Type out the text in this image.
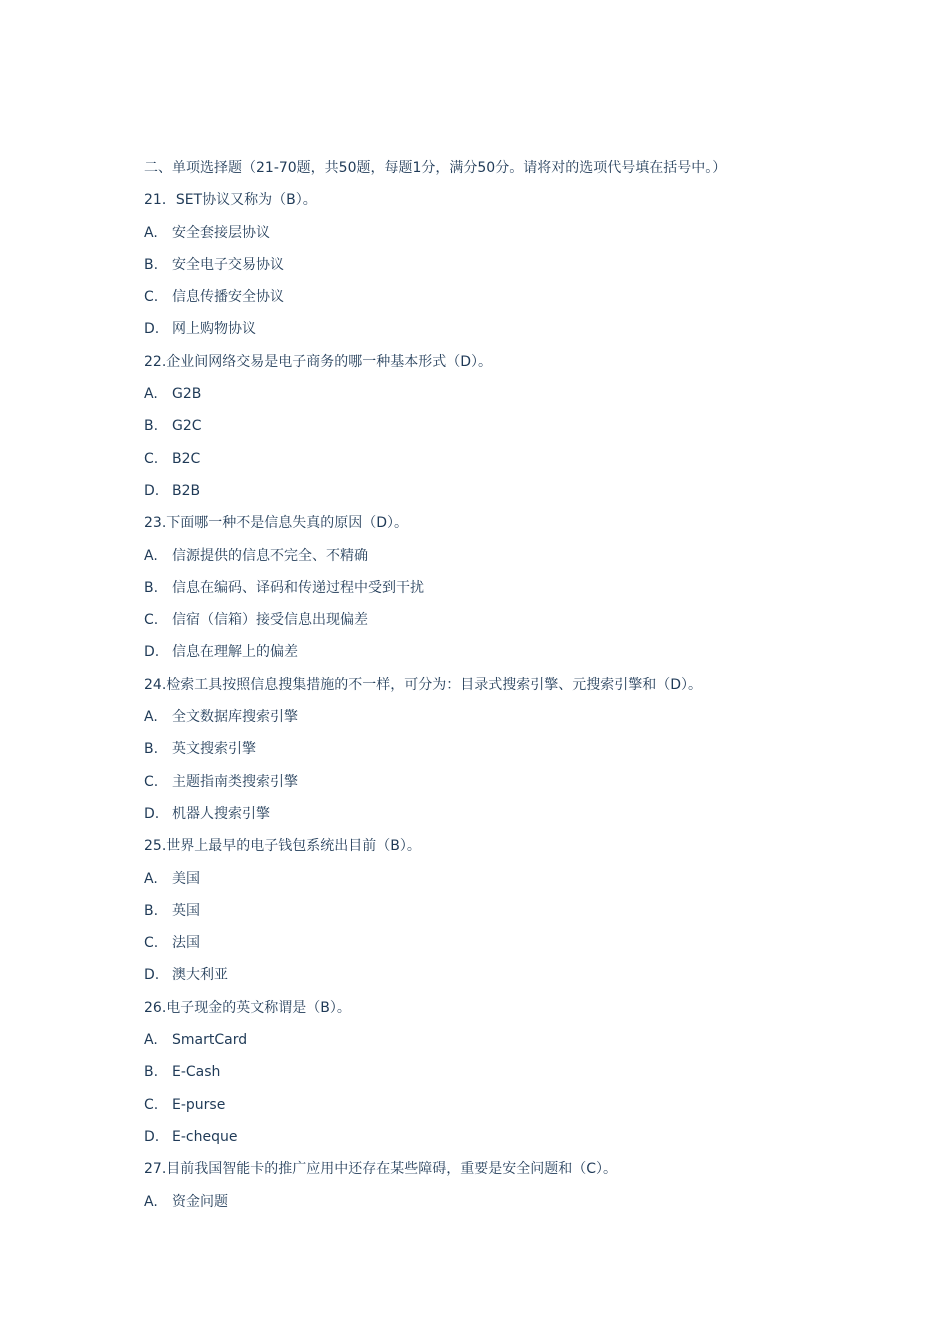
二、单项选择题（21-70题，共50题，每题1分，满分50分。请将对的选项代号填在括号中。）
21．SET协议又称为（B）。
A. 安全套接层协议
B. 安全电子交易协议
C. 信息传播安全协议
D. 网上购物协议
22.企业间网络交易是电子商务的哪一种基本形式（D）。
A. G2B
B. G2C
C. B2C
D. B2B
23.下面哪一种不是信息失真的原因（D）。
A. 信源提供的信息不完全、不精确
B. 信息在编码、译码和传递过程中受到干扰
C. 信宿（信箱）接受信息出现偏差
D. 信息在理解上的偏差
24.检索工具按照信息搜集措施的不一样，可分为：目录式搜索引擎、元搜索引擎和（D）。
A. 全文数据库搜索引擎
B. 英文搜索引擎
C. 主题指南类搜索引擎
D. 机器人搜索引擎
25.世界上最早的电子钱包系统出目前（B）。
A. 美国
B. 英国
C. 法国
D. 澳大利亚
26.电子现金的英文称谓是（B）。
A. SmartCard
B. E-Cash
C. E-purse
D. E-cheque
27.目前我国智能卡的推广应用中还存在某些障碍，重要是安全问题和（C）。
A. 资金问题
